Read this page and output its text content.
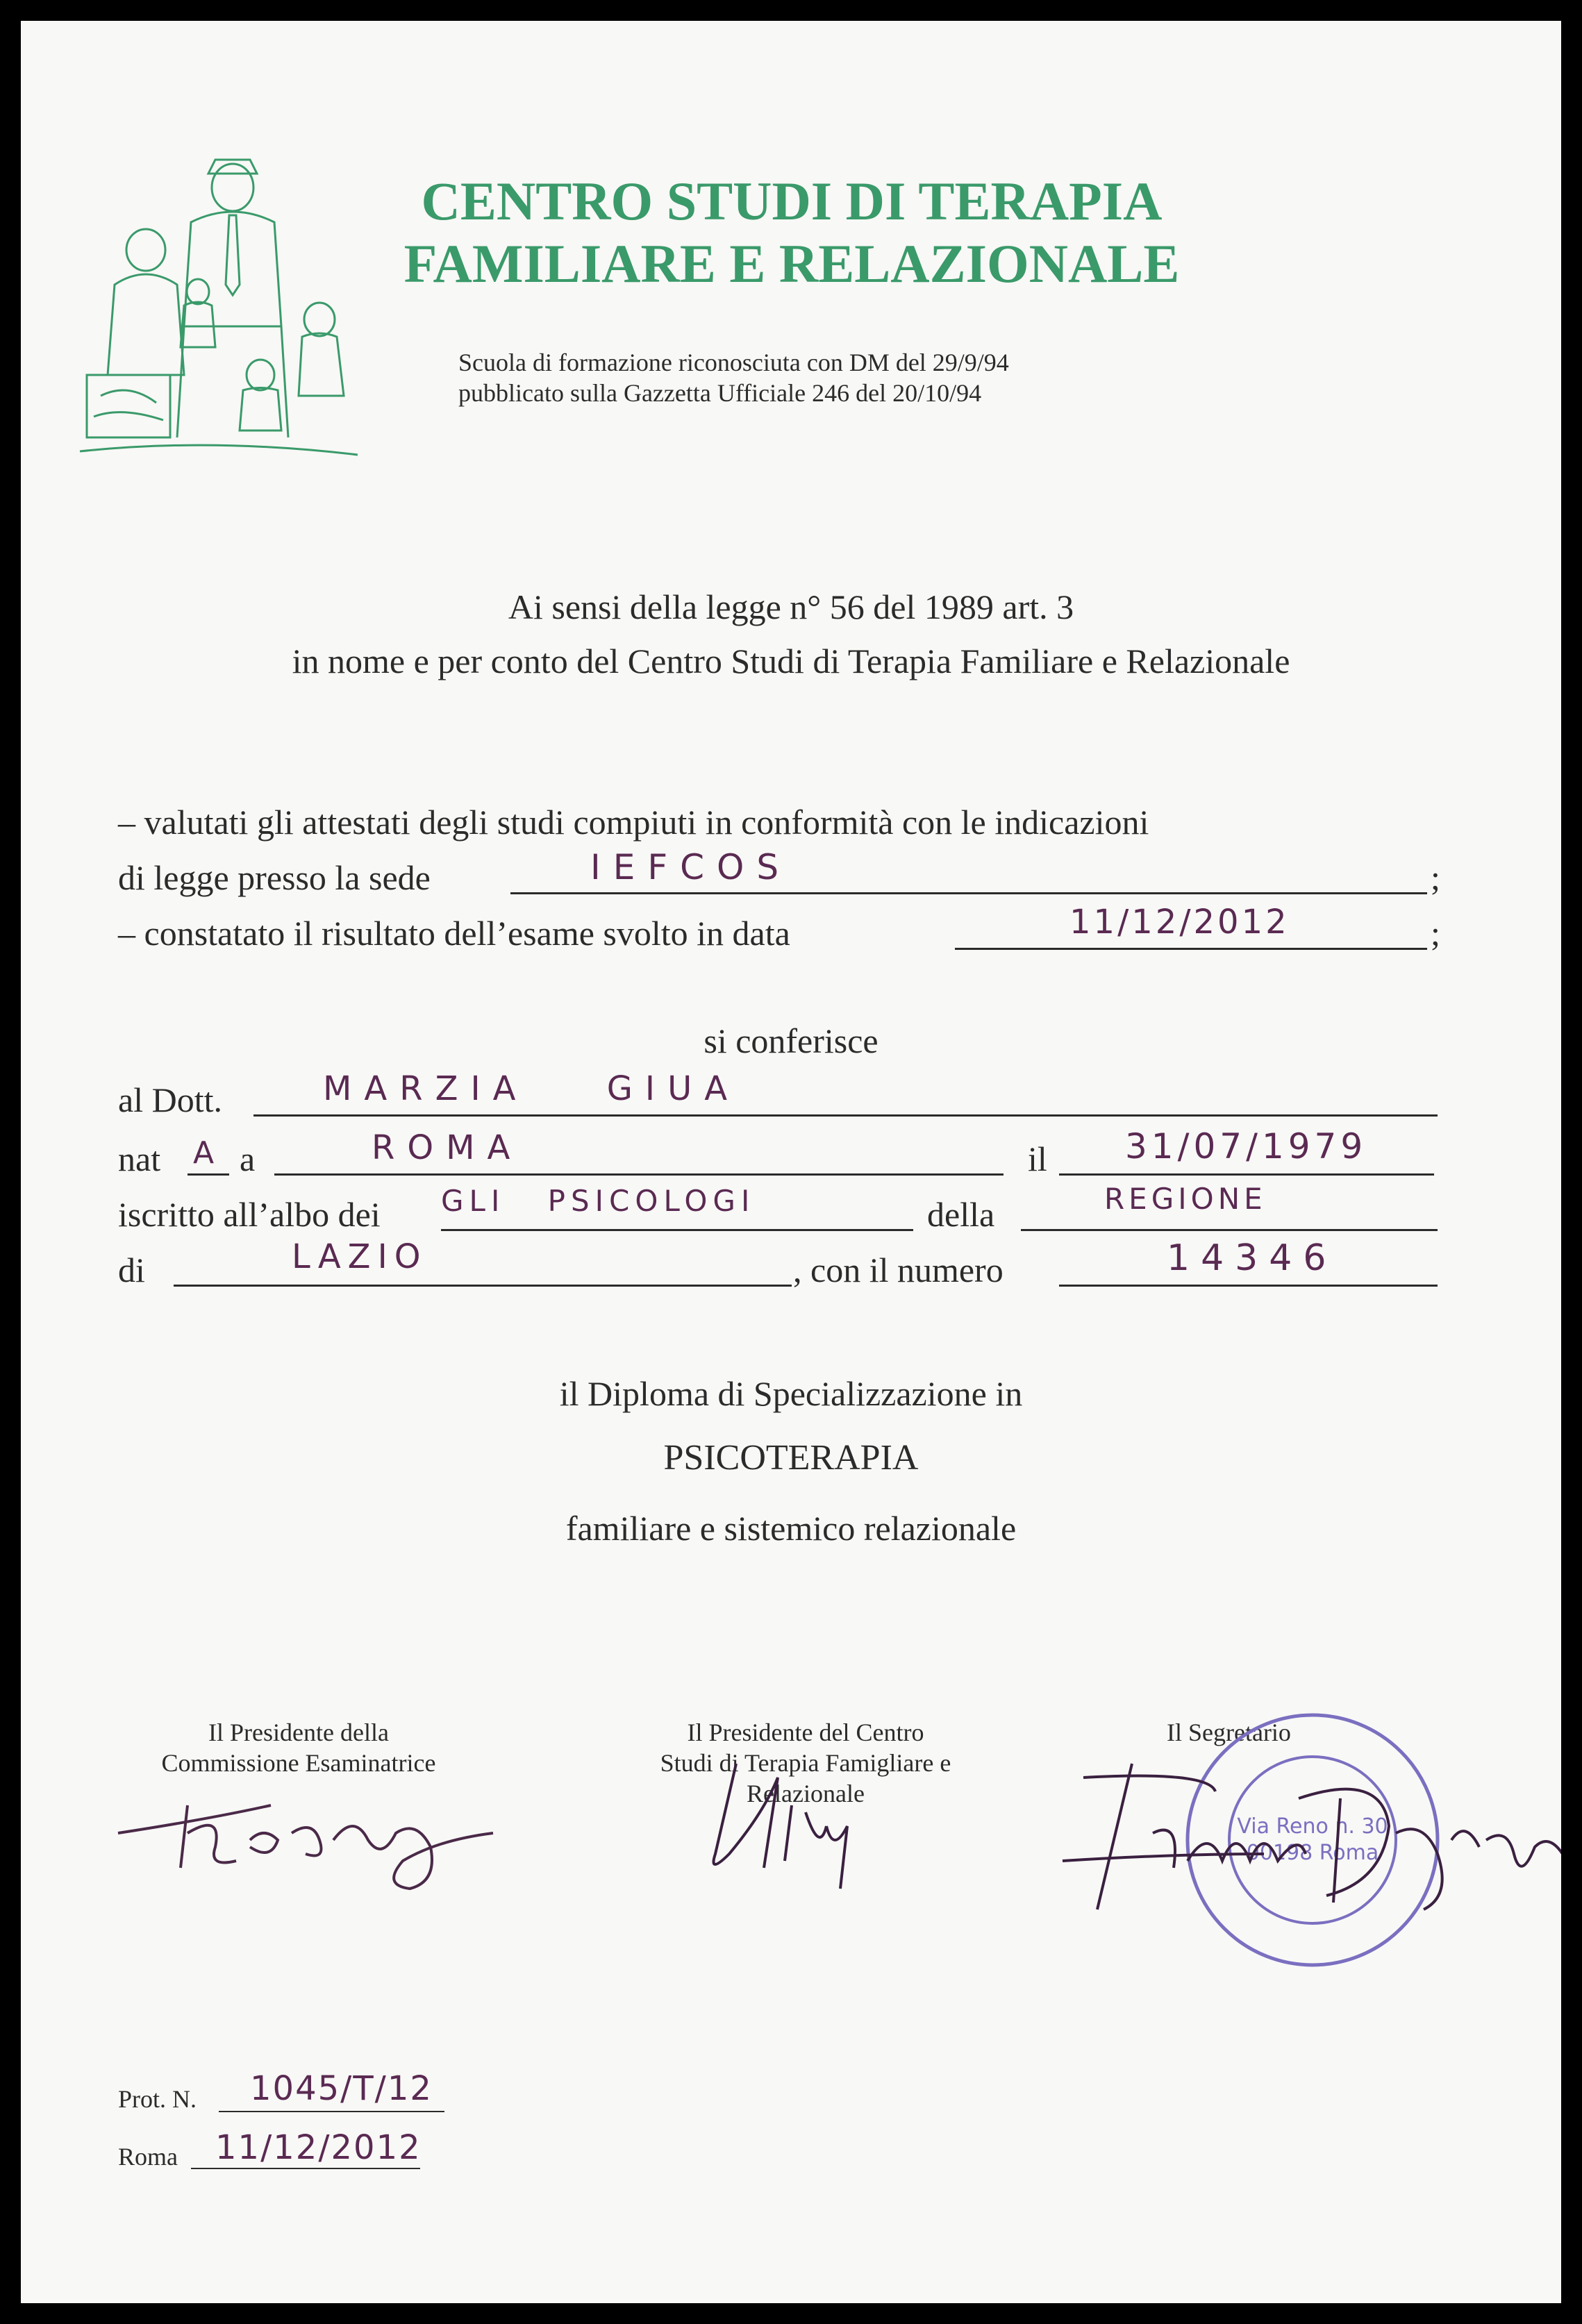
CENTRO STUDI DI TERAPIA
FAMILIARE E RELAZIONALE
Scuola di formazione riconosciuta con DM del 29/9/94
pubblicato sulla Gazzetta Ufficiale 246 del 20/10/94
Ai sensi della legge n° 56 del 1989 art. 3
in nome e per conto del Centro Studi di Terapia Familiare e Relazionale
– valutati gli attestati degli studi compiuti in conformità con le indicazioni
di legge presso la sede	IEFCOS	;
– constatato il risultato dell’esame svolto in data	11/12/2012	;
si conferisce
al Dott.	MARZIA GIUA
nat A a	ROMA	il 31/07/1979
iscritto all’albo dei GLI PSICOLOGI	della	REGIONE
di	LAZIO	, con il numero	14346
il Diploma di Specializzazione in
PSICOTERAPIA
familiare e sistemico relazionale
Il Presidente della
Commissione Esaminatrice
Il Presidente del Centro
Studi di Terapia Famigliare e
Relazionale
Il Segretario
Via Reno n. 30
00198 Roma
Prot. N. 1045/T/12
Roma 11/12/2012
